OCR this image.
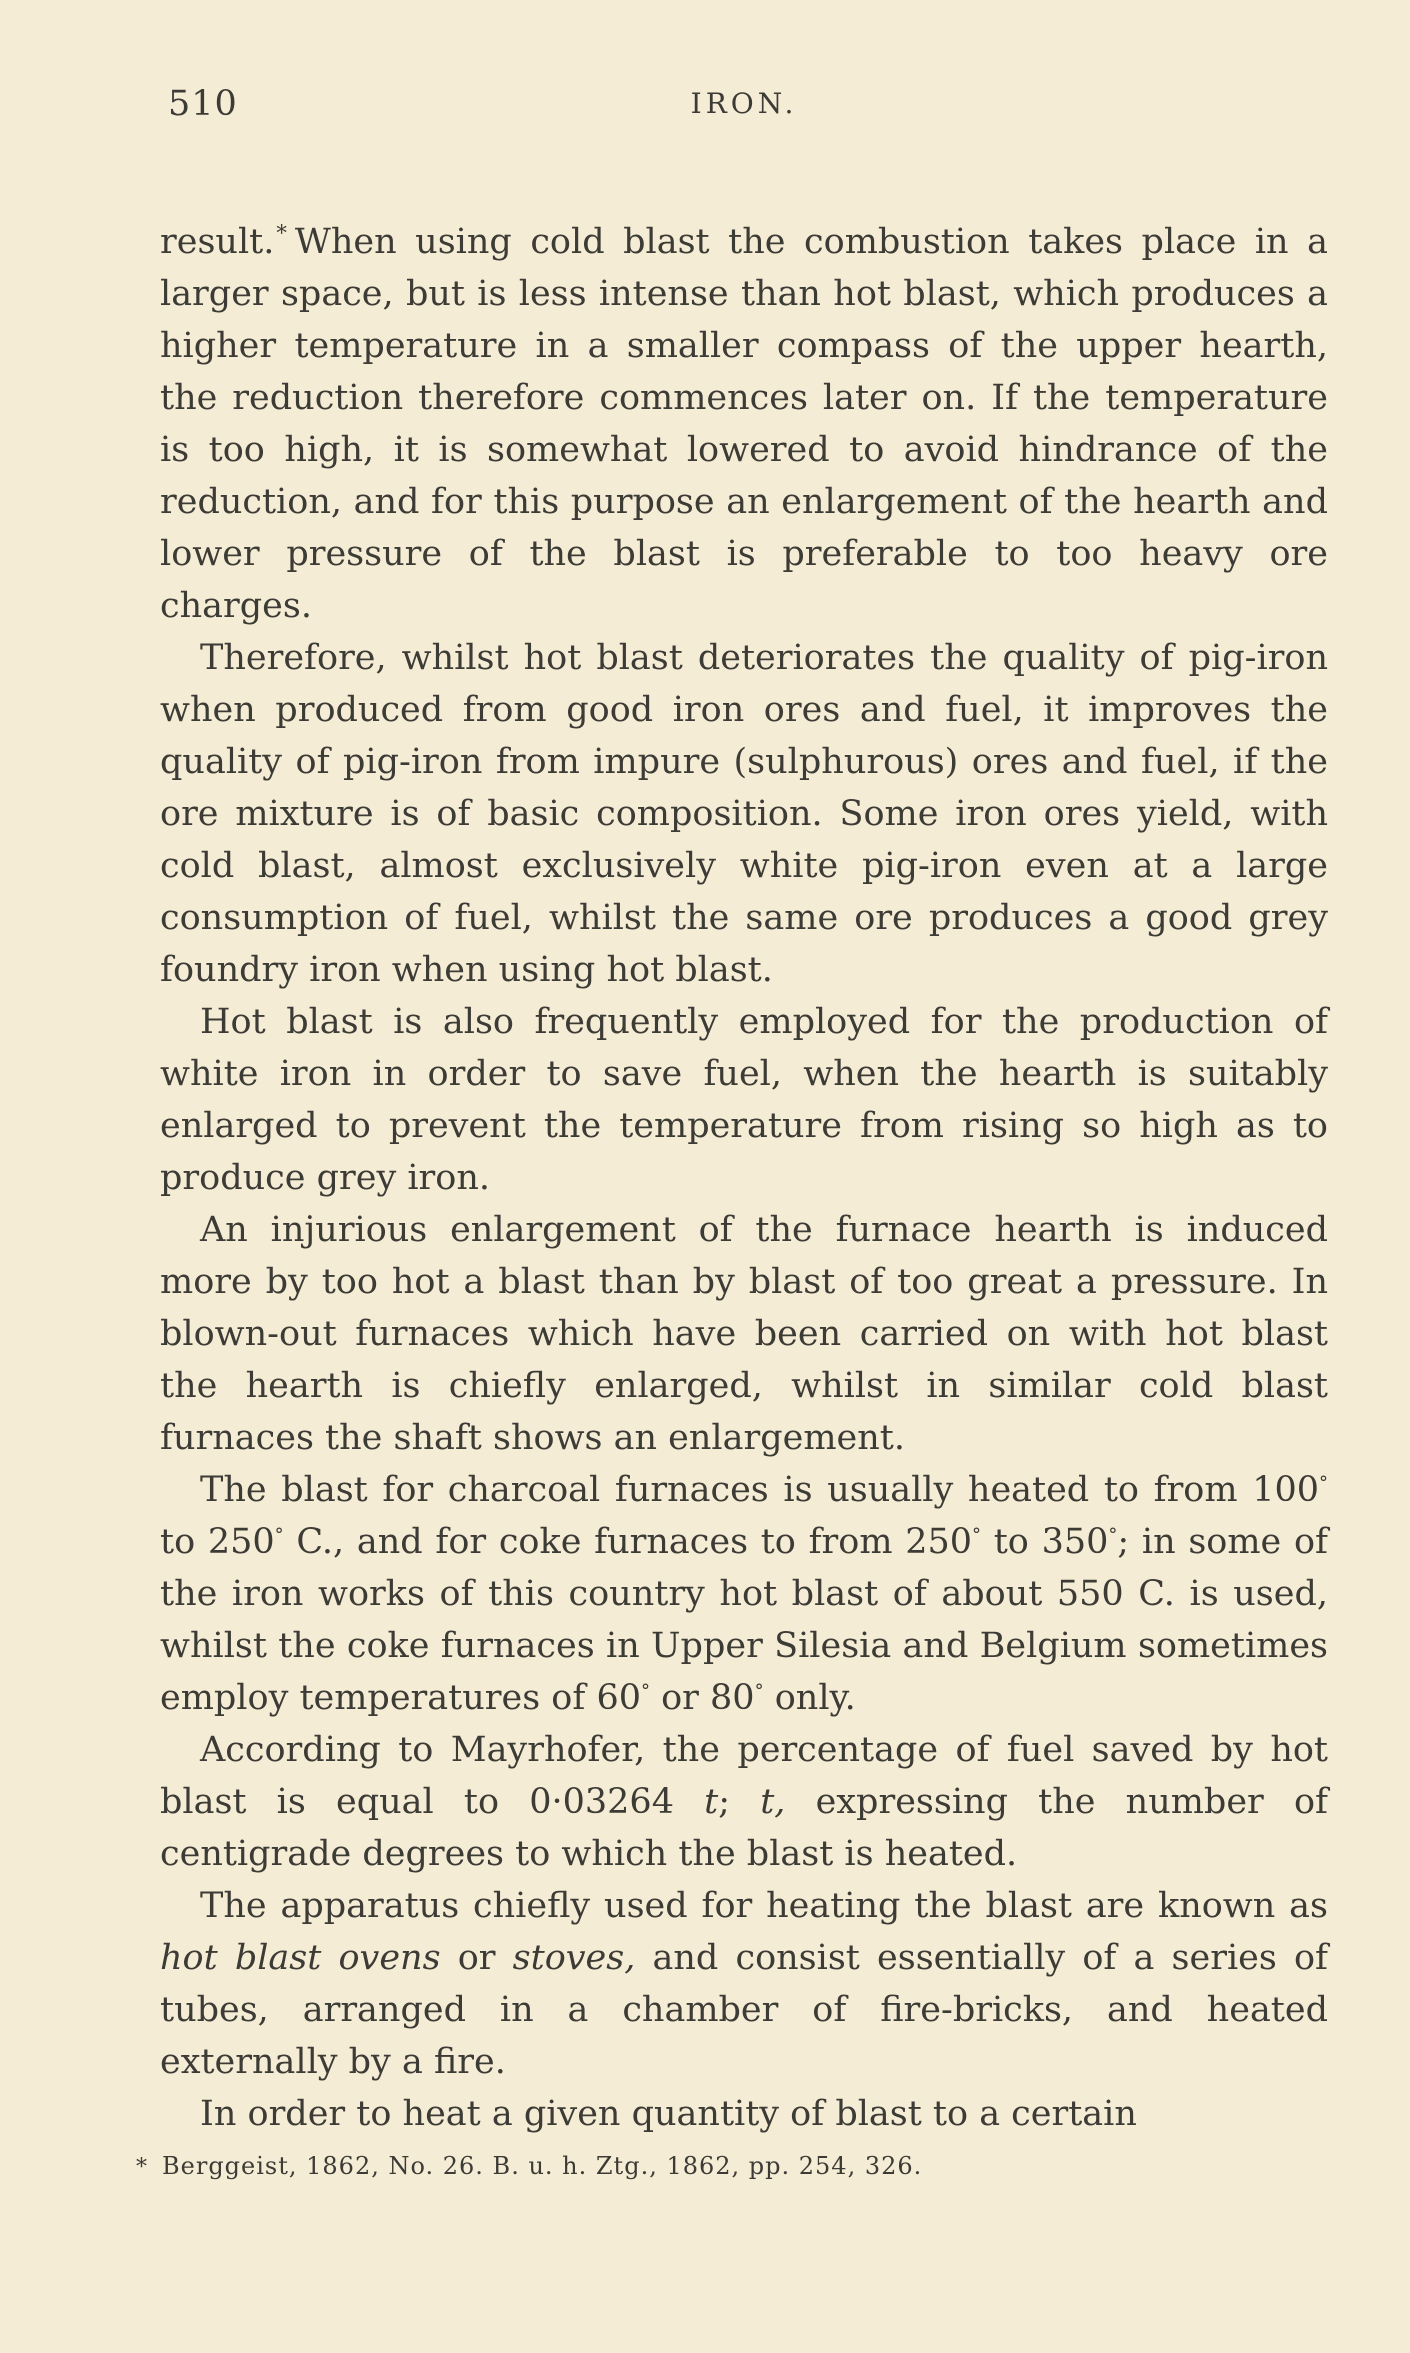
510	IRON.

result.* When using cold blast the combustion takes place in a larger space, but is less intense than hot blast, which produces a higher temperature in a smaller compass of the upper hearth, the reduction therefore commences later on. If the temperature is too high, it is somewhat lowered to avoid hindrance of the reduction, and for this purpose an enlargement of the hearth and lower pressure of the blast is preferable to too heavy ore charges.

Therefore, whilst hot blast deteriorates the quality of pig-iron when produced from good iron ores and fuel, it improves the quality of pig-iron from impure (sulphurous) ores and fuel, if the ore mixture is of basic composition. Some iron ores yield, with cold blast, almost exclusively white pig-iron even at a large consumption of fuel, whilst the same ore produces a good grey foundry iron when using hot blast.

Hot blast is also frequently employed for the production of white iron in order to save fuel, when the hearth is suitably enlarged to prevent the temperature from rising so high as to produce grey iron.

An injurious enlargement of the furnace hearth is induced more by too hot a blast than by blast of too great a pressure. In blown-out furnaces which have been carried on with hot blast the hearth is chiefly enlarged, whilst in similar cold blast furnaces the shaft shows an enlargement.

The blast for charcoal furnaces is usually heated to from 100° to 250° C., and for coke furnaces to from 250° to 350°; in some of the iron works of this country hot blast of about 550 C. is used, whilst the coke furnaces in Upper Silesia and Belgium sometimes employ temperatures of 60° or 80° only.

According to Mayrhofer, the percentage of fuel saved by hot blast is equal to 0·03264 t; t, expressing the number of centigrade degrees to which the blast is heated.

The apparatus chiefly used for heating the blast are known as hot blast ovens or stoves, and consist essentially of a series of tubes, arranged in a chamber of fire-bricks, and heated externally by a fire.

In order to heat a given quantity of blast to a certain

* Berggeist, 1862, No. 26. B. u. h. Ztg., 1862, pp. 254, 326.
